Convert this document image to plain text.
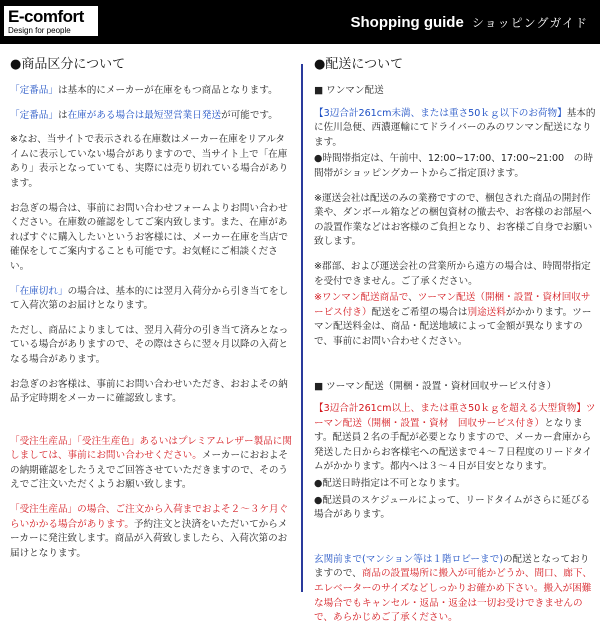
E-comfort
Design for people	Shopping guide ショッピングガイド
●商品区分について

「定番品」は基本的にメーカーが在庫をもつ商品となります。

「定番品」は在庫がある場合は最短翌営業日発送が可能です。

※なお、当サイトで表示される在庫数はメーカー在庫をリアルタイムに表示していない場合がありますので、当サイト上で「在庫あり」表示となっていても、実際には売り切れている場合があります。

お急ぎの場合は、事前にお問い合わせフォームよりお問い合わせください。在庫数の確認をしてご案内致します。また、在庫があればすぐに購入したいというお客様には、メーカー在庫を当店で確保をしてご案内することも可能です。お気軽にご相談ください。

「在庫切れ」の場合は、基本的には翌月入荷分から引き当てをして入荷次第のお届けとなります。

ただし、商品によりましては、翌月入荷分の引き当て済みとなっている場合がありますので、その際はさらに翌々月以降の入荷となる場合があります。

お急ぎのお客様は、事前にお問い合わせいただき、おおよその納品予定時期をメーカーに確認致します。

「受注生産品」「受注生産色」あるいはプレミアムレザー製品に関しましては、事前にお問い合わせください。メーカーにおおよその納期確認をしたうえでご回答させていただきますので、そのうえでご注文いただくようお願い致します。

「受注生産品」の場合、ご注文から入荷までおよそ２～３ケ月ぐらいかかる場合があります。予約注文と決済をいただいてからメーカーに発注致します。商品が入荷致しましたら、入荷次第のお届けとなります。

●配送について
■ ワンマン配送

【3辺合計261cm未満、または重さ50ｋｇ以下のお荷物】基本的に佐川急便、西濃運輸にてドライバーのみのワンマン配送になります。

●時間帯指定は、午前中、12:00~17:00、17:00~21:00　の時間帯がショッピングカートからご指定頂けます。

※運送会社は配送のみの業務ですので、梱包された商品の開封作業や、ダンボール箱などの梱包資材の撤去や、お客様のお部屋への設置作業などはお客様のご負担となり、お客様ご自身でお願い致します。

※郡部、および運送会社の営業所から遠方の場合は、時間帯指定を受付できません。ご了承ください。

※ワンマン配送商品で、ツーマン配送（開梱・設置・資材回収サービス付き）配送をご希望の場合は別途送料がかかります。ツーマン配送料金は、商品・配送地域によって金額が異なりますので、事前にお問い合わせください。

■ ツーマン配送（開梱・設置・資材回収サービス付き）

【3辺合計261cm以上、または重さ50ｋｇを超える大型貨物】ツーマン配送（開梱・設置・資材　回収サービス付き）となります。配送員２名の手配が必要となりますので、メーカー倉庫から発送した日からお客様宅への配送まで４～７日程度のリードタイムがかかります。都内へは３～４日が目安となります。

●配送日時指定は不可となります。

●配送員のスケジュールによって、リードタイムがさらに延びる場合があります。

玄関前まで(マンション等は１階ロビーまで)の配送となっておりますので、商品の設置場所に搬入が可能かどうか、間口、廊下、エレベーターのサイズなどしっかりお確かめ下さい。搬入が困難な場合でもキャンセル・返品・返金は一切お受けできませんので、あらかじめご了承ください。
